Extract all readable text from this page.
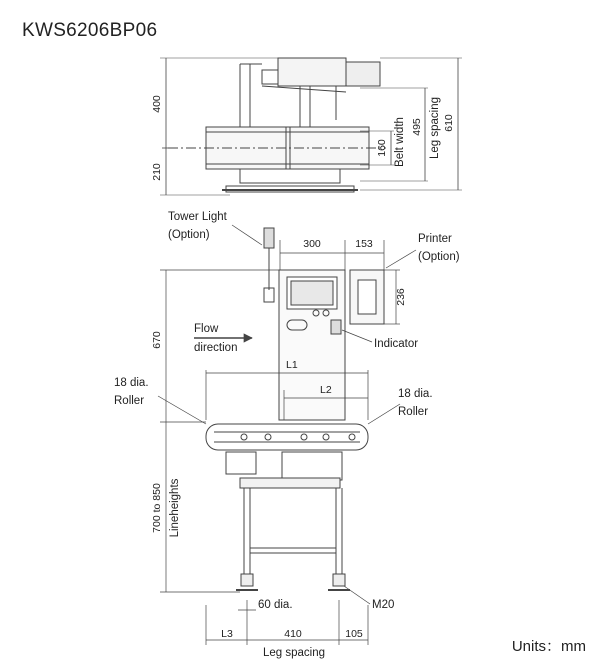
KWS6206BP06
Units：mm
400
210
160 Belt width 495 Leg spacing 610
Tower Light
(Option)	Printer
(Option)
300	153
236
670
Flow
direction	Indicator
L1
L2
18 dia.
Roller
18 dia.
Roller
700 to 850 Lineheights
60 dia.	M20
L3	410	105
Leg spacing
